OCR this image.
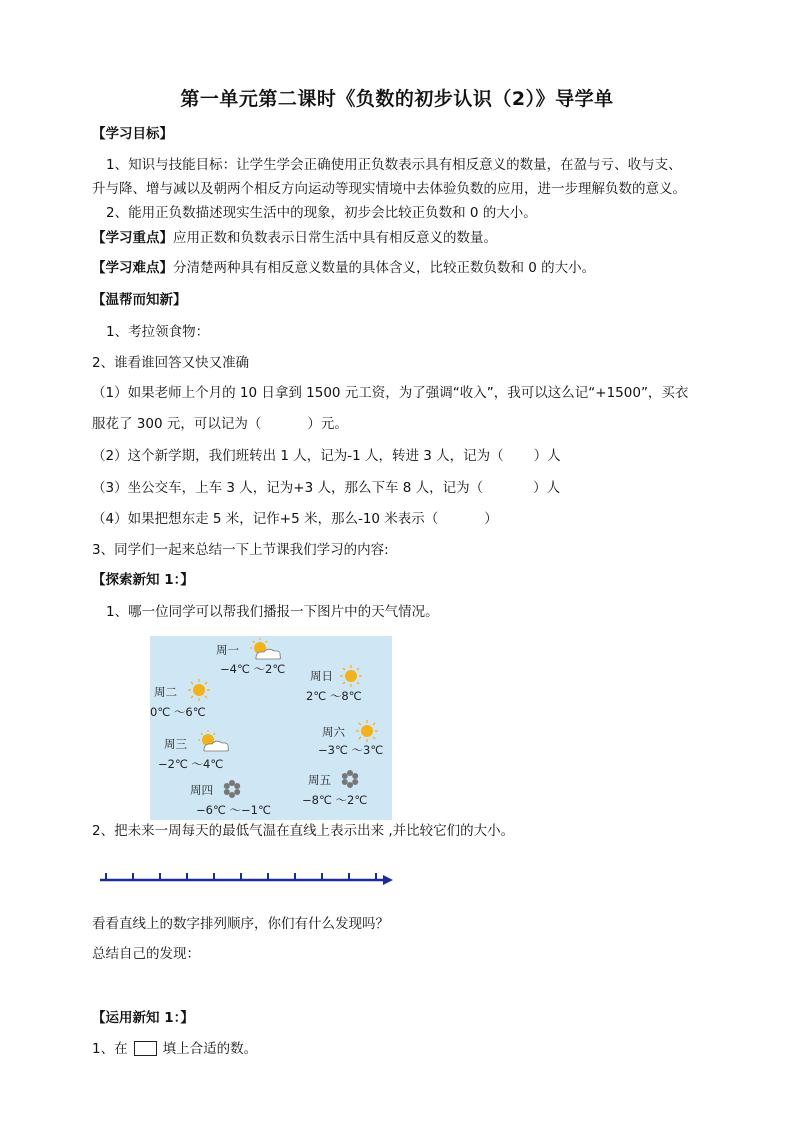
第一单元第二课时《负数的初步认识（2）》导学单
【学习目标】
1、知识与技能目标：让学生学会正确使用正负数表示具有相反意义的数量，在盈与亏、收与支、
升与降、增与减以及朝两个相反方向运动等现实情境中去体验负数的应用，进一步理解负数的意义。
2、能用正负数描述现实生活中的现象，初步会比较正负数和 0 的大小。
【学习重点】应用正数和负数表示日常生活中具有相反意义的数量。
【学习难点】分清楚两种具有相反意义数量的具体含义，比较正数负数和 0 的大小。
【温帮而知新】
1、考拉领食物：
2、谁看谁回答又快又准确
（1）如果老师上个月的 10 日拿到 1500 元工资，为了强调“收入”，我可以这么记“+1500”，买衣
服花了 300 元，可以记为（	）元。
（2）这个新学期，我们班转出 1 人，记为-1 人，转进 3 人，记为（ ）人
（3）坐公交车，上车 3 人，记为+3 人，那么下车 8 人，记为（	）人
（4）如果把想东走 5 米，记作+5 米，那么-10 米表示（	）
3、同学们一起来总结一下上节课我们学习的内容:
【探索新知 1：】
1、哪一位同学可以帮我们播报一下图片中的天气情况。
周一
−4℃ ～2℃ 周日
2℃ ～8℃
周二
0℃ ～6℃
周六
−3℃ ～3℃
周三
−2℃ ～4℃
周五
−8℃ ～2℃
周四
−6℃ ～−1℃
2、把未来一周每天的最低气温在直线上表示出来 ,并比较它们的大小。
看看直线上的数字排列顺序，你们有什么发现吗？
总结自己的发现：
【运用新知 1：】
1、在	填上合适的数。
